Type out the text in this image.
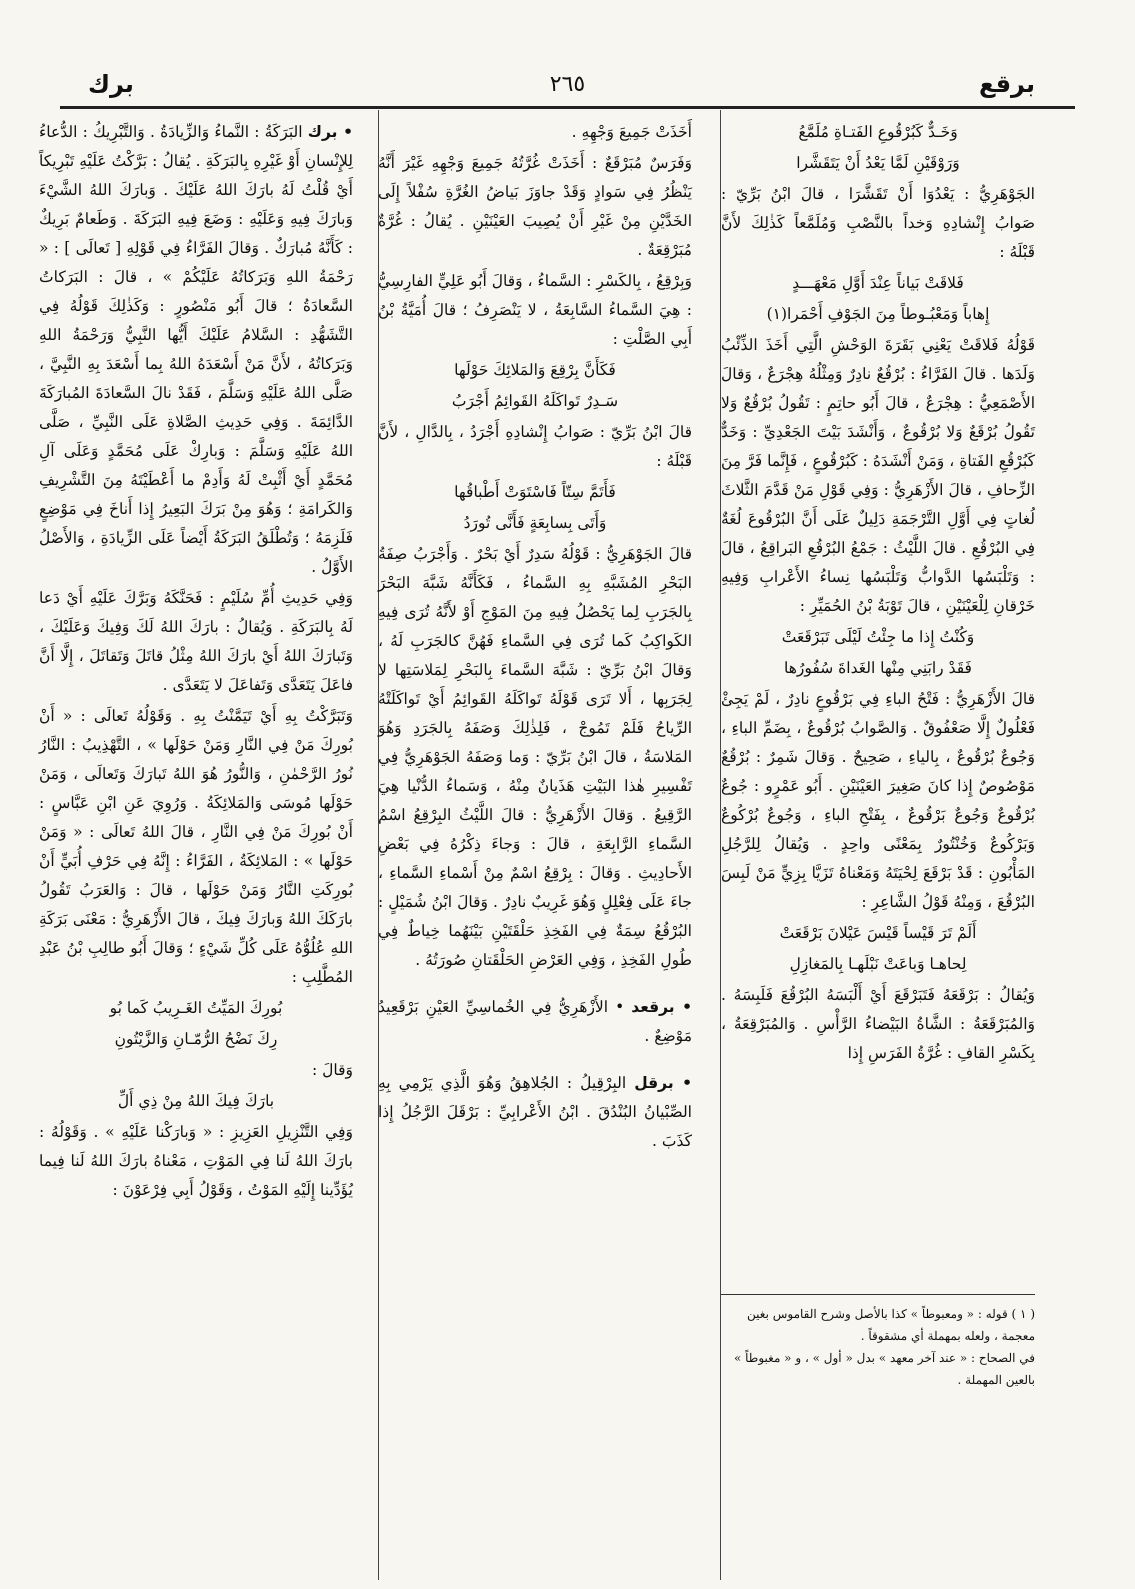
برقع
٢٦٥
برك

وَخَـدٌّ كَبُرْقُوعِ الفَتـاةِ مُلَمَّعُ

وَرَوْقَيْنِ لَمَّا يَعْدُ أَنْ يَتَقَشَّرا

الجَوْهَرِيُّ : يَعْدُوَا أَنْ تَقَشَّرَا ، قالَ ابْنُ بَرِّيّ : صَوابُ إِنْشادِهِ وَخداً بالنَّصْبِ وَمُلَمَّعاً كَذٰلِكَ لأَنَّ قَبْلَهُ :

فَلاقَتْ بَياناً عِنْدَ أَوَّلِ مَعْهَـــدٍ

إِهاباً وَمَعْبُـوطاً مِنَ الجَوْفِ أَحْمَرا(١)

قَوْلُهُ فَلاقَتْ يَعْنِي بَقَرَةَ الوَحْشِ الَّتِي أَخَذَ الذِّئْبُ وَلَدَها . قالَ الفَرَّاءُ : بُرْقُعٌ نادِرٌ وَمِثْلُهُ هِجْرَعٌ ، وَقالَ الأَصْمَعِيُّ : هِجْرَعٌ ، قالَ أَبُو حاتِمٍ : تَقُولُ بُرْقُعٌ وَلا تَقُولُ بُرْقَعٌ وَلا بُرْقُوعٌ ، وَأَنْشَدَ بَيْتَ الجَعْدِيِّ : وَخَدٌّ كَبُرْقُعِ الفَتاةِ ، وَمَنْ أَنْشَدَهُ : كَبُرْقُوعٍ ، فَإِنَّما فَرَّ مِنَ الزِّحافِ ، قالَ الأَزْهَرِيُّ : وَفِي قَوْلِ مَنْ قَدَّمَ الثَّلاثَ لُغاتٍ فِي أَوَّلِ التَّرْجَمَةِ دَلِيلٌ عَلَى أَنَّ البُرْقُوعَ لُغَةٌ فِي البُرْقُعِ . قالَ اللَّيْثُ : جَمْعُ البُرْقُعِ البَراقِعُ ، قالَ : وَتَلْبَسُها الدَّوابُّ وَتَلْبَسُها نِساءُ الأَعْرابِ وَفِيهِ خَرْقانِ لِلْعَيْنَيْنِ ، قالَ تَوْبَةُ بْنُ الحُمَيِّرِ :

وَكُنْتُ إِذا ما جِئْتُ لَيْلَى تَبَرْقَعَتْ

فَقَدْ رابَنِي مِنْها الغَداةَ سُفُورُها

قالَ الأَزْهَرِيُّ : فَتْحُ الباءِ فِي بَرْقُوعٍ نادِرٌ ، لَمْ يَجِئْ فَعْلُولٌ إِلَّا صَعْفُوقٌ . وَالصَّوابُ بُرْقُوعٌ ، بِضَمِّ الباءِ ، وَجُوعٌ بُرْقُوعٌ ، بِالياءِ ، صَحِيحٌ . وَقالَ شَمِرٌ : بُرْقُعٌ مَوْصُوصٌ إِذا كانَ صَغِيرَ العَيْنَيْنِ . أَبُو عَمْرٍو : جُوعٌ بُرْقُوعٌ وَجُوعٌ بَرْقُوعٌ ، بِفَتْحِ الباءِ ، وَجُوعٌ بُرْكُوعٌ وَبَرْكُوعٌ وَخُنْتُورٌ بِمَعْنًى واحِدٍ . وَيُقالُ لِلرَّجُلِ المَأْبُونِ : قَدْ بَرْقَعَ لِحْيَتَهُ وَمَعْناهُ تَزَيَّا بِزِيٍّ مَنْ لَبِسَ البُرْقُعَ ، وَمِنْهُ قَوْلُ الشَّاعِرِ :

أَلَمْ تَرَ قَيْساً قَيْسَ عَيْلانَ بَرْقَعَتْ

لِحاهـا وَباعَتْ نَبْلَهـا بِالمَغازِلِ

وَيُقالُ : بَرْقَعَهُ فَتَبَرْقَعَ أَيْ أَلْبَسَهُ البُرْقُعَ فَلَبِسَهُ . وَالمُبَرْقَعَةُ : الشَّاةُ البَيْضاءُ الرَّأْسِ . وَالمُبَرْقِعَةُ ، بِكَسْرِ القافِ : غُرَّةُ الفَرَسِ إِذا

( ١ ) قوله : « ومعبوطاً » كذا بالأصل وشرح القاموس بغين معجمة ، ولعله بمهملة أي مشقوقاً .
في الصحاح : « عند آخر معهد » بدل « أول » ، و « مغبوطاً » بالعين المهملة .

أَخَذَتْ جَمِيعَ وَجْهِهِ .

وَفَرَسٌ مُبَرْقَعٌ : أَخَذَتْ غُرَّتُهُ جَمِيعَ وَجْهِهِ غَيْرَ أَنَّهُ يَنْظُرُ فِي سَوادٍ وَقَدْ جاوَزَ بَياضُ الغُرَّةِ سُفْلاً إِلَى الخَدَّيْنِ مِنْ غَيْرِ أَنْ يُصِيبَ العَيْنَيْنِ . يُقالُ : غُرَّةٌ مُبَرْقِعَةٌ .

وَبِرْقِعُ ، بِالكَسْرِ : السَّماءُ ، وَقالَ أَبُو عَلِيٍّ الفارِسِيُّ : هِيَ السَّماءُ السَّابِعَةُ ، لا يَنْصَرِفُ ؛ قالَ أُمَيَّةُ بْنُ أَبِي الصَّلْتِ :

فَكَأَنَّ بِرْقِعَ وَالمَلائِكَ حَوْلَها

سَـدِرٌ تَواكَلَهُ القَوائِمُ أَجْرَبُ

قالَ ابْنُ بَرِّيّ : صَوابُ إِنْشادِهِ أَجْرَدُ ، بِالدَّالِ ، لأَنَّ قَبْلَهُ :

فَأَتَمَّ سِتّاً فَاسْتَوَتْ أَطْباقُها

وَأَتَى بِسابِعَةٍ فَأَنَّى تُورَدُ

قالَ الجَوْهَرِيُّ : قَوْلُهُ سَدِرٌ أَيْ بَحْرٌ . وَأَجْرَبُ صِفَةُ البَحْرِ المُشَبَّهِ بِهِ السَّماءُ ، فَكَأَنَّهُ شَبَّهَ البَحْرَ بِالجَرَبِ لِما يَحْصُلُ فِيهِ مِنَ المَوْجِ أَوْ لأَنَّهُ تُرَى فِيهِ الكَواكِبُ كَما تُرَى فِي السَّماءِ فَهُنَّ كالجَرَبِ لَهُ ، وَقالَ ابْنُ بَرِّيّ : شَبَّهَ السَّماءَ بِالبَحْرِ لِمَلاسَتِها لا لِجَرَبِها ، أَلا تَرَى قَوْلَهُ تَواكَلَهُ القَوائِمُ أَيْ تَواكَلَتْهُ الرِّياحُ فَلَمْ تَمُوجْ ، فَلِذٰلِكَ وَصَفَهُ بِالجَرَدِ وَهُوَ المَلاسَةُ ، قالَ ابْنُ بَرِّيّ : وَما وَصَفَهُ الجَوْهَرِيُّ فِي تَفْسِيرِ هٰذا البَيْتِ هَذَيانٌ مِنْهُ ، وَسَماءُ الدُّنْيا هِيَ الرَّقِيعُ . وَقالَ الأَزْهَرِيُّ : قالَ اللَّيْثُ البِرْقِعُ اسْمُ السَّماءِ الرَّابِعَةِ ، قالَ : وَجاءَ ذِكْرُهُ فِي بَعْضِ الأَحادِيثِ . وَقالَ : بِرْقِعُ اسْمٌ مِنْ أَسْماءِ السَّماءِ ، جاءَ عَلَى فِعْلِلٍ وَهُوَ غَرِيبٌ نادِرٌ . وَقالَ ابْنُ شُمَيْلٍ : البُرْقُعُ سِمَةٌ فِي الفَخِذِ حَلْقَتَيْنِ بَيْنَهُما خِياطٌ فِي طُولِ الفَخِذِ ، وَفِي العَرْضِ الحَلْقَتانِ صُورَتُهُ .

• برقعد • الأَزْهَرِيُّ فِي الخُماسِيِّ العَيْنِ بَرْقَعِيدُ مَوْضِعٌ .

• برقل البِرْقِيلُ : الجُلاهِقُ وَهُوَ الَّذِي يَرْمِي بِهِ الصِّبْيانُ البُنْدُقَ . ابْنُ الأَعْرابِيِّ : بَرْقَلَ الرَّجُلُ إِذا كَذَبَ .

• برك البَرَكَةُ : النَّماءُ وَالزِّيادَةُ . وَالتَّبْرِيكُ : الدُّعاءُ لِلإِنْسانِ أَوْ غَيْرِهِ بِالبَرَكَةِ . يُقالُ : بَرَّكْتُ عَلَيْهِ تَبْرِيكاً أَيْ قُلْتُ لَهُ بارَكَ اللهُ عَلَيْكَ . وَبارَكَ اللهُ الشَّيْءَ وَبارَكَ فِيهِ وَعَلَيْهِ : وَضَعَ فِيهِ البَرَكَةَ . وَطَعامٌ بَرِيكٌ : كَأَنَّهُ مُبارَكٌ . وَقالَ الفَرَّاءُ فِي قَوْلِهِ [ تَعالَى ] : « رَحْمَةُ اللهِ وَبَرَكاتُهُ عَلَيْكُمْ » ، قالَ : البَرَكاتُ السَّعادَةُ ؛ قالَ أَبُو مَنْصُورٍ : وَكَذٰلِكَ قَوْلُهُ فِي التَّشَهُّدِ : السَّلامُ عَلَيْكَ أَيُّها النَّبِيُّ وَرَحْمَةُ اللهِ وَبَرَكاتُهُ ، لأَنَّ مَنْ أَسْعَدَهُ اللهُ بِما أَسْعَدَ بِهِ النَّبِيَّ ، صَلَّى اللهُ عَلَيْهِ وَسَلَّمَ ، فَقَدْ نالَ السَّعادَةَ المُبارَكَةَ الدَّائِمَةَ . وَفِي حَدِيثِ الصَّلاةِ عَلَى النَّبِيِّ ، صَلَّى اللهُ عَلَيْهِ وَسَلَّمَ : وَبارِكْ عَلَى مُحَمَّدٍ وَعَلَى آلِ مُحَمَّدٍ أَيْ أَثْبِتْ لَهُ وَأَدِمْ ما أَعْطَيْتَهُ مِنَ التَّشْرِيفِ وَالكَرامَةِ ؛ وَهُوَ مِنْ بَرَكَ البَعِيرُ إِذا أَناخَ فِي مَوْضِعٍ فَلَزِمَهُ ؛ وَتُطْلَقُ البَرَكَةُ أَيْضاً عَلَى الزِّيادَةِ ، وَالأَصْلُ الأَوَّلُ .

وَفِي حَدِيثِ أُمِّ سُلَيْمٍ : فَحَنَّكَهُ وَبَرَّكَ عَلَيْهِ أَيْ دَعا لَهُ بِالبَرَكَةِ . وَيُقالُ : بارَكَ اللهُ لَكَ وَفِيكَ وَعَلَيْكَ ، وَتَبارَكَ اللهُ أَيْ بارَكَ اللهُ مِثْلُ قاتَلَ وَتَقاتَلَ ، إِلَّا أَنَّ فاعَلَ يَتَعَدَّى وَتَفاعَلَ لا يَتَعَدَّى .

وَتَبَرَّكْتُ بِهِ أَيْ تَيَمَّنْتُ بِهِ . وَقَوْلُهُ تَعالَى : « أَنْ بُورِكَ مَنْ فِي النَّارِ وَمَنْ حَوْلَها » ، التَّهْذِيبُ : النَّارُ نُورُ الرَّحْمٰنِ ، وَالنُّورُ هُوَ اللهُ تَبارَكَ وَتَعالَى ، وَمَنْ حَوْلَها مُوسَى وَالمَلائِكَةُ . وَرُوِيَ عَنِ ابْنِ عَبَّاسٍ : أَنْ بُورِكَ مَنْ فِي النَّارِ ، قالَ اللهُ تَعالَى : « وَمَنْ حَوْلَها » : المَلائِكَةُ ، الفَرَّاءُ : إِنَّهُ فِي حَرْفِ أُبَيٍّ أَنْ بُورِكَتِ النَّارُ وَمَنْ حَوْلَها ، قالَ : وَالعَرَبُ تَقُولُ بارَكَكَ اللهُ وَبارَكَ فِيكَ ، قالَ الأَزْهَرِيُّ : مَعْنَى بَرَكَةِ اللهِ عُلُوُّهُ عَلَى كُلِّ شَيْءٍ ؛ وَقالَ أَبُو طالِبِ بْنُ عَبْدِ المُطَّلِبِ :

بُورِكَ المَيِّتُ الغَـرِيبُ كَما بُو

رِكَ نَضْحُ الرُّمّـانِ وَالزَّيْتُونِ

وَقالَ :

بارَكَ فِيكَ اللهُ مِنْ ذِي أَلِّ

وَفِي التَّنْزِيلِ العَزِيزِ : « وَبارَكْنا عَلَيْهِ » . وَقَوْلُهُ : بارَكَ اللهُ لَنا فِي المَوْتِ ، مَعْناهُ بارَكَ اللهُ لَنا فِيما يُؤَدِّينا إِلَيْهِ المَوْتُ ، وَقَوْلُ أَبِي فِرْعَوْنَ :
